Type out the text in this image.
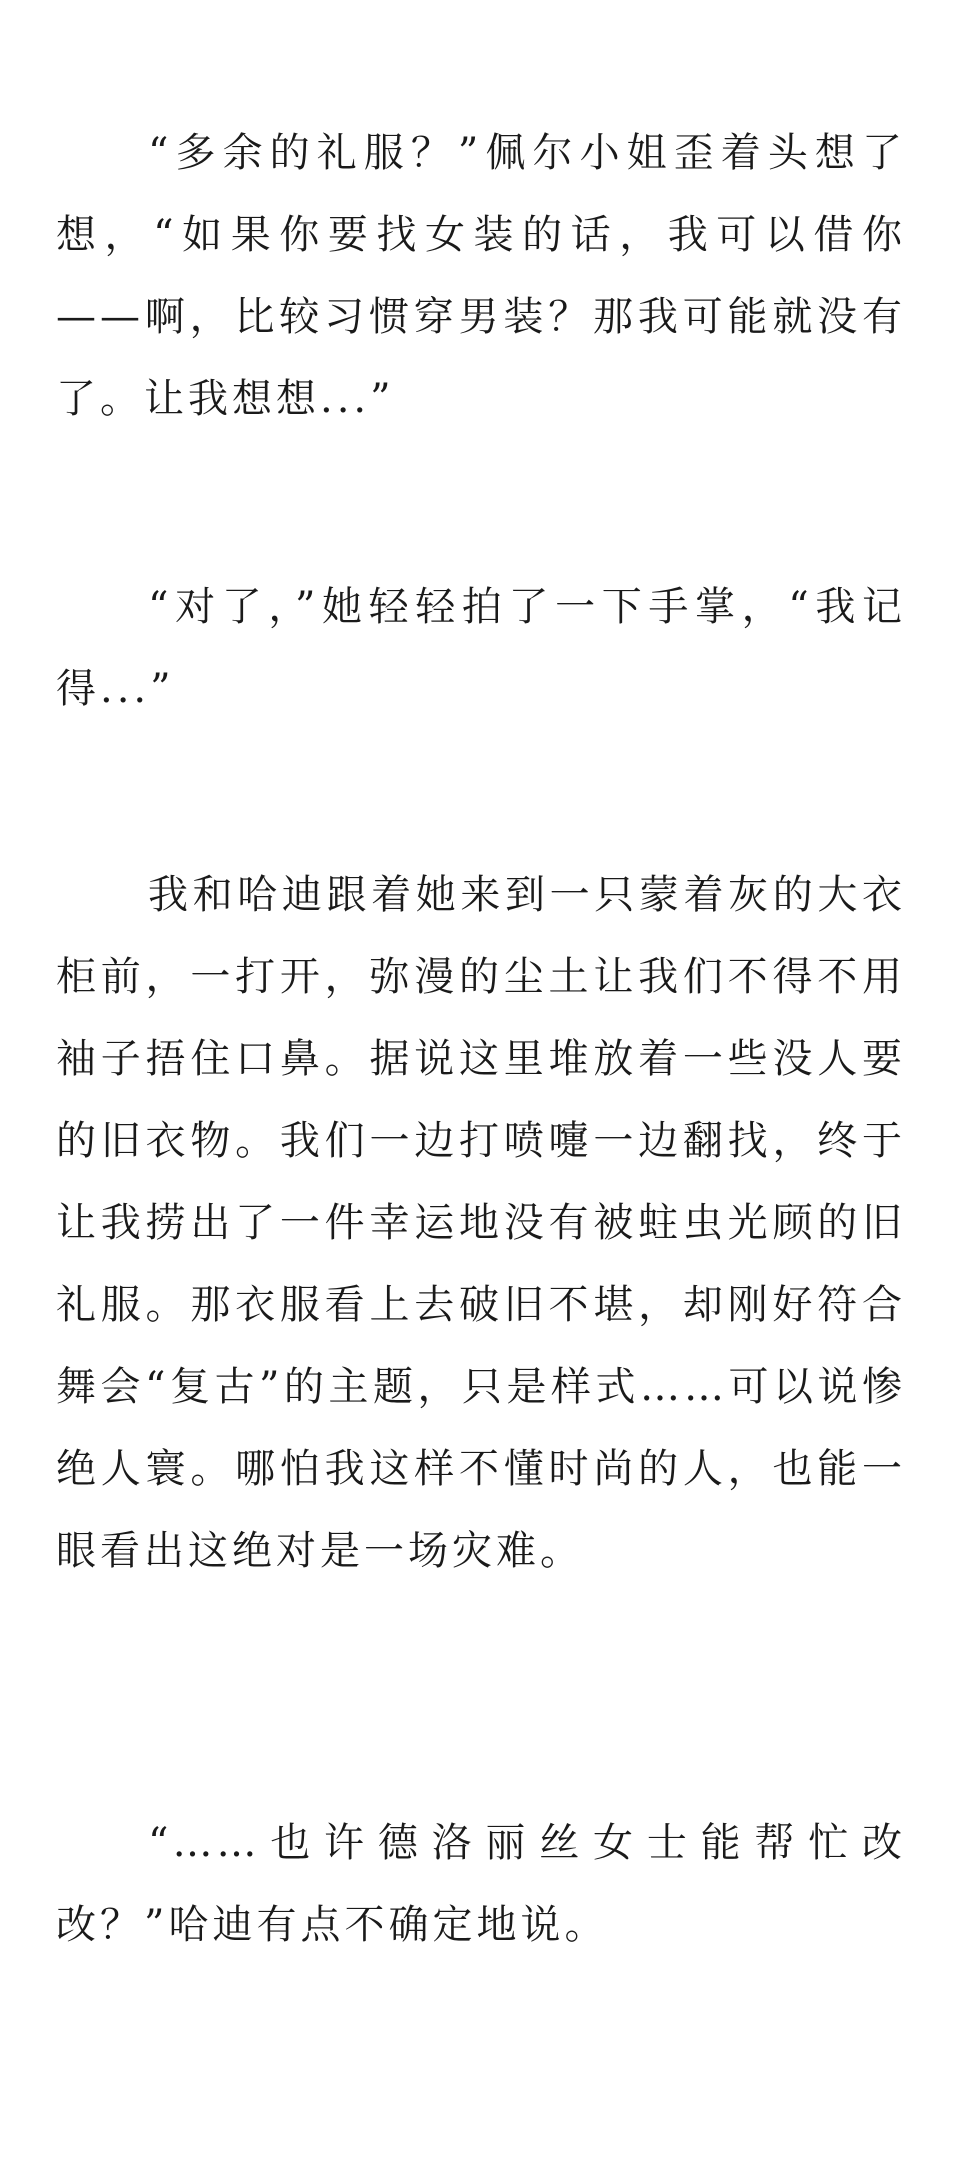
“多余的礼服？”佩尔小姐歪着头想了想，“如果你要找女装的话，我可以借你——啊，比较习惯穿男装？那我可能就没有了。让我想想...”

“对了，”她轻轻拍了一下手掌，“我记得...”

我和哈迪跟着她来到一只蒙着灰的大衣柜前，一打开，弥漫的尘土让我们不得不用袖子捂住口鼻。据说这里堆放着一些没人要的旧衣物。我们一边打喷嚏一边翻找，终于让我捞出了一件幸运地没有被蛀虫光顾的旧礼服。那衣服看上去破旧不堪，却刚好符合舞会“复古”的主题，只是样式……可以说惨绝人寰。哪怕我这样不懂时尚的人，也能一眼看出这绝对是一场灾难。

“……也许德洛丽丝女士能帮忙改改？”哈迪有点不确定地说。
